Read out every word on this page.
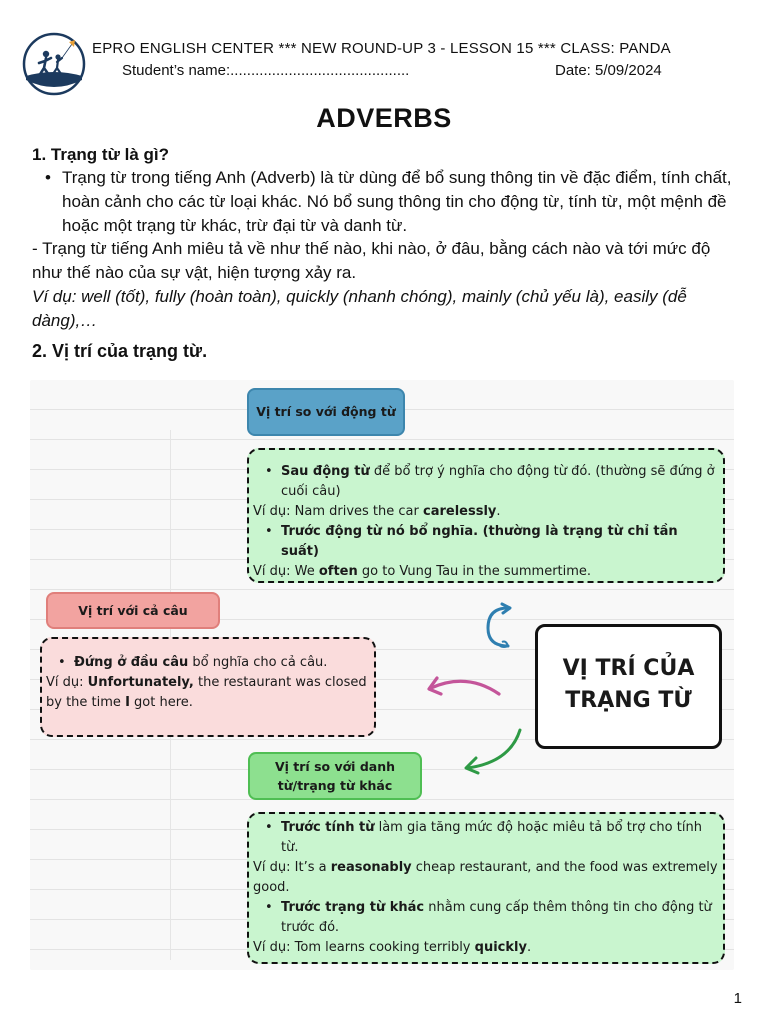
EPRO ENGLISH CENTER *** NEW ROUND-UP 3 - LESSON 15 *** CLASS: PANDA
Student’s name:...........................................	Date: 5/09/2024
ADVERBS
1. Trạng từ là gì?
• Trạng từ trong tiếng Anh (Adverb) là từ dùng để bổ sung thông tin về đặc điểm, tính chất, hoàn cảnh cho các từ loại khác. Nó bổ sung thông tin cho động từ, tính từ, một mệnh đề hoặc một trạng từ khác, trừ đại từ và danh từ.
- Trạng từ tiếng Anh miêu tả về như thế nào, khi nào, ở đâu, bằng cách nào và tới mức độ như thế nào của sự vật, hiện tượng xảy ra.
Ví dụ: well (tốt), fully (hoàn toàn), quickly (nhanh chóng), mainly (chủ yếu là), easily (dễ dàng),…
2. Vị trí của trạng từ.
Vị trí so với động từ
• Sau động từ để bổ trợ ý nghĩa cho động từ đó. (thường sẽ đứng ở cuối câu)
Ví dụ: Nam drives the car carelessly.
• Trước động từ nó bổ nghĩa. (thường là trạng từ chỉ tần suất)
Ví dụ: We often go to Vung Tau in the summertime.
Vị trí với cả câu
• Đứng ở đầu câu bổ nghĩa cho cả câu.
Ví dụ: Unfortunately, the restaurant was closed by the time I got here.
VỊ TRÍ CỦA
TRẠNG TỪ
Vị trí so với danh
từ/trạng từ khác
• Trước tính từ làm gia tăng mức độ hoặc miêu tả bổ trợ cho tính từ.
Ví dụ: It’s a reasonably cheap restaurant, and the food was extremely good.
• Trước trạng từ khác nhằm cung cấp thêm thông tin cho động từ trước đó.
Ví dụ: Tom learns cooking terribly quickly.
1
